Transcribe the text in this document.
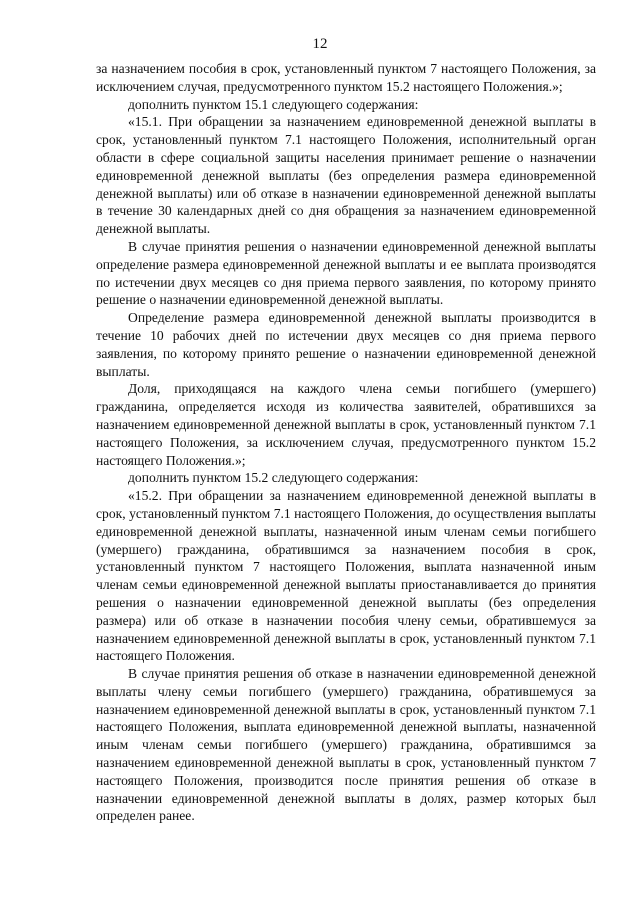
12

за назначением пособия в срок, установленный пунктом 7 настоящего Положения, за исключением случая, предусмотренного пунктом 15.2 настоящего Положения.»;

дополнить пунктом 15.1 следующего содержания:

«15.1. При обращении за назначением единовременной денежной выплаты в срок, установленный пунктом 7.1 настоящего Положения, исполнительный орган области в сфере социальной защиты населения принимает решение о назначении единовременной денежной выплаты (без определения размера единовременной денежной выплаты) или об отказе в назначении единовременной денежной выплаты в течение 30 календарных дней со дня обращения за назначением единовременной денежной выплаты.

В случае принятия решения о назначении единовременной денежной выплаты определение размера единовременной денежной выплаты и ее выплата производятся по истечении двух месяцев со дня приема первого заявления, по которому принято решение о назначении единовременной денежной выплаты.

Определение размера единовременной денежной выплаты производится в течение 10 рабочих дней по истечении двух месяцев со дня приема первого заявления, по которому принято решение о назначении единовременной денежной выплаты.

Доля, приходящаяся на каждого члена семьи погибшего (умершего) гражданина, определяется исходя из количества заявителей, обратившихся за назначением единовременной денежной выплаты в срок, установленный пунктом 7.1 настоящего Положения, за исключением случая, предусмотренного пунктом 15.2 настоящего Положения.»;

дополнить пунктом 15.2 следующего содержания:

«15.2. При обращении за назначением единовременной денежной выплаты в срок, установленный пунктом 7.1 настоящего Положения, до осуществления выплаты единовременной денежной выплаты, назначенной иным членам семьи погибшего (умершего) гражданина, обратившимся за назначением пособия в срок, установленный пунктом 7 настоящего Положения, выплата назначенной иным членам семьи единовременной денежной выплаты приостанавливается до принятия решения о назначении единовременной денежной выплаты (без определения размера) или об отказе в назначении пособия члену семьи, обратившемуся за назначением единовременной денежной выплаты в срок, установленный пунктом 7.1 настоящего Положения.

В случае принятия решения об отказе в назначении единовременной денежной выплаты члену семьи погибшего (умершего) гражданина, обратившемуся за назначением единовременной денежной выплаты в срок, установленный пунктом 7.1 настоящего Положения, выплата единовременной денежной выплаты, назначенной иным членам семьи погибшего (умершего) гражданина, обратившимся за назначением единовременной денежной выплаты в срок, установленный пунктом 7 настоящего Положения, производится после принятия решения об отказе в назначении единовременной денежной выплаты в долях, размер которых был определен ранее.
